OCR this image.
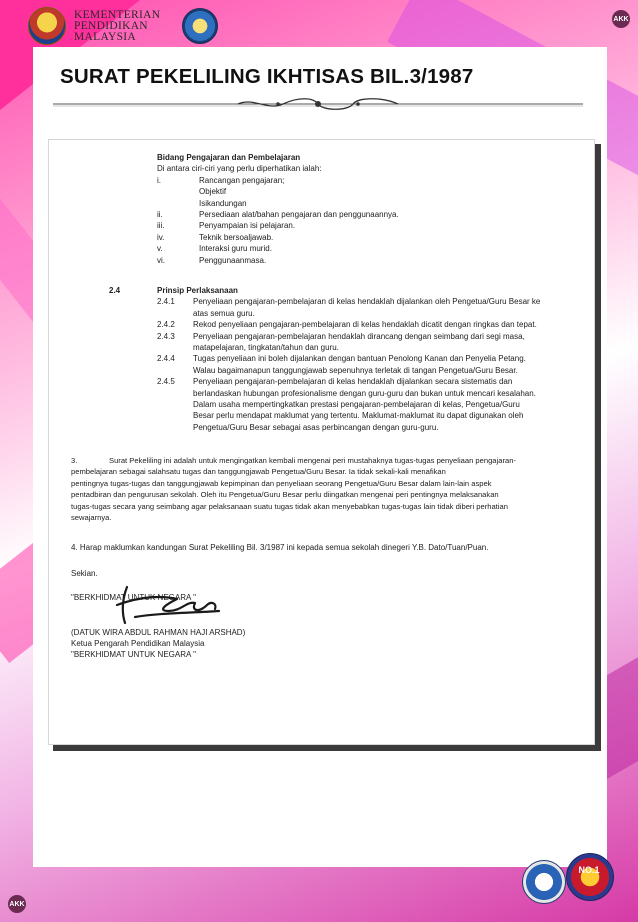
KEMENTERIAN
PENDIDIKAN
MALAYSIA
AKK
SURAT PEKELILING IKHTISAS BIL.3/1987
Bidang Pengajaran dan Pembelajaran
Di antara ciri-ciri yang perlu diperhatikan ialah:
i.	Rancangan pengajaran;
Objektif
Isikandungan
ii.	Persediaan alat/bahan pengajaran dan penggunaannya.
iii.	Penyampaian isi pelajaran.
iv.	Teknik bersoaljawab.
v.	Interaksi guru murid.
vi.	Penggunaanmasa.
2.4	Prinsip Perlaksanaan
2.4.1	Penyeliaan pengajaran-pembelajaran di kelas hendaklah dijalankan oleh Pengetua/Guru Besar ke
atas semua guru.
2.4.2	Rekod penyeliaan pengajaran-pembelajaran di kelas hendaklah dicatit dengan ringkas dan tepat.
2.4.3	Penyeliaan pengajaran-pembelajaran hendaklah dirancang dengan seimbang dari segi masa,
matapelajaran, tingkatan/tahun dan guru.
2.4.4	Tugas penyeliaan ini boleh dijalankan dengan bantuan Penolong Kanan dan Penyelia Petang.
Walau bagaimanapun tanggungjawab sepenuhnya terletak di tangan Pengetua/Guru Besar.
2.4.5	Penyeliaan pengajaran-pembelajaran di kelas hendaklah dijalankan secara sistematis dan
berlandaskan hubungan profesionalisme dengan guru-guru dan bukan untuk mencari kesalahan.
Dalam usaha mempertingkatkan prestasi pengajaran-pembelajaran di kelas, Pengetua/Guru
Besar perlu mendapat maklumat yang tertentu. Maklumat-maklumat itu dapat digunakan oleh
Pengetua/Guru Besar sebagai asas perbincangan dengan guru-guru.
3.	Surat Pekeliling ini adalah untuk mengingatkan kembali mengenai peri mustahaknya tugas-tugas penyeliaan pengajaran-
pembelajaran sebagai salahsatu tugas dan tanggungjawab Pengetua/Guru Besar. Ia tidak sekali-kali menafikan
pentingnya tugas-tugas dan tanggungjawab kepimpinan dan penyeliaan seorang Pengetua/Guru Besar dalam lain-lain aspek
pentadbiran dan pengurusan sekolah. Oleh itu Pengetua/Guru Besar perlu diingatkan mengenai peri pentingnya melaksanakan
tugas-tugas secara yang seimbang agar pelaksanaan suatu tugas tidak akan menyebabkan tugas-tugas lain tidak diberi perhatian
sewajarnya.
4. Harap maklumkan kandungan Surat Pekeliling Bil. 3/1987 ini kepada semua sekolah dinegeri Y.B. Dato/Tuan/Puan.
Sekian.
"BERKHIDMAT UNTUK NEGARA "
(DATUK WIRA ABDUL RAHMAN HAJI ARSHAD)
Ketua Pengarah Pendidikan Malaysia
"BERKHIDMAT UNTUK NEGARA "
AKK
NO.1
